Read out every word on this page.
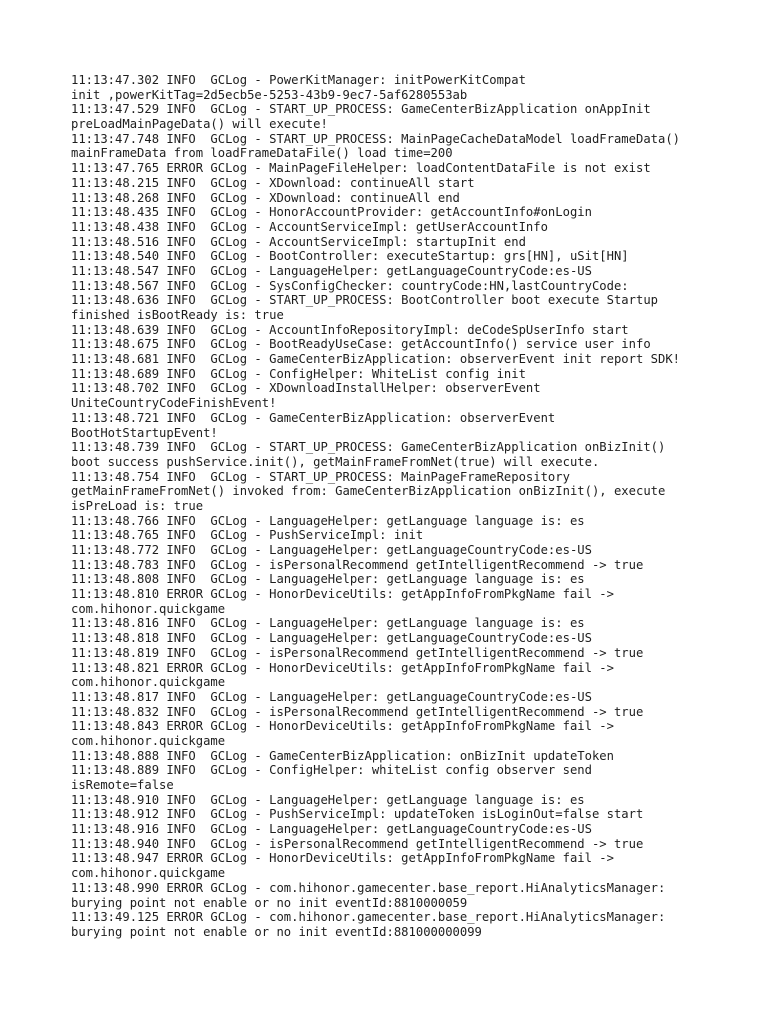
11:13:47.302 INFO  GCLog - PowerKitManager: initPowerKitCompat
init ,powerKitTag=2d5ecb5e-5253-43b9-9ec7-5af6280553ab
11:13:47.529 INFO  GCLog - START_UP_PROCESS: GameCenterBizApplication onAppInit
preLoadMainPageData() will execute!
11:13:47.748 INFO  GCLog - START_UP_PROCESS: MainPageCacheDataModel loadFrameData()
mainFrameData from loadFrameDataFile() load time=200
11:13:47.765 ERROR GCLog - MainPageFileHelper: loadContentDataFile is not exist
11:13:48.215 INFO  GCLog - XDownload: continueAll start
11:13:48.268 INFO  GCLog - XDownload: continueAll end
11:13:48.435 INFO  GCLog - HonorAccountProvider: getAccountInfo#onLogin
11:13:48.438 INFO  GCLog - AccountServiceImpl: getUserAccountInfo
11:13:48.516 INFO  GCLog - AccountServiceImpl: startupInit end
11:13:48.540 INFO  GCLog - BootController: executeStartup: grs[HN], uSit[HN]
11:13:48.547 INFO  GCLog - LanguageHelper: getLanguageCountryCode:es-US
11:13:48.567 INFO  GCLog - SysConfigChecker: countryCode:HN,lastCountryCode:
11:13:48.636 INFO  GCLog - START_UP_PROCESS: BootController boot execute Startup
finished isBootReady is: true
11:13:48.639 INFO  GCLog - AccountInfoRepositoryImpl: deCodeSpUserInfo start
11:13:48.675 INFO  GCLog - BootReadyUseCase: getAccountInfo() service user info
11:13:48.681 INFO  GCLog - GameCenterBizApplication: observerEvent init report SDK!
11:13:48.689 INFO  GCLog - ConfigHelper: WhiteList config init
11:13:48.702 INFO  GCLog - XDownloadInstallHelper: observerEvent
UniteCountryCodeFinishEvent!
11:13:48.721 INFO  GCLog - GameCenterBizApplication: observerEvent
BootHotStartupEvent!
11:13:48.739 INFO  GCLog - START_UP_PROCESS: GameCenterBizApplication onBizInit()
boot success pushService.init(), getMainFrameFromNet(true) will execute.
11:13:48.754 INFO  GCLog - START_UP_PROCESS: MainPageFrameRepository
getMainFrameFromNet() invoked from: GameCenterBizApplication onBizInit(), execute
isPreLoad is: true
11:13:48.766 INFO  GCLog - LanguageHelper: getLanguage language is: es
11:13:48.765 INFO  GCLog - PushServiceImpl: init
11:13:48.772 INFO  GCLog - LanguageHelper: getLanguageCountryCode:es-US
11:13:48.783 INFO  GCLog - isPersonalRecommend getIntelligentRecommend -> true
11:13:48.808 INFO  GCLog - LanguageHelper: getLanguage language is: es
11:13:48.810 ERROR GCLog - HonorDeviceUtils: getAppInfoFromPkgName fail ->
com.hihonor.quickgame
11:13:48.816 INFO  GCLog - LanguageHelper: getLanguage language is: es
11:13:48.818 INFO  GCLog - LanguageHelper: getLanguageCountryCode:es-US
11:13:48.819 INFO  GCLog - isPersonalRecommend getIntelligentRecommend -> true
11:13:48.821 ERROR GCLog - HonorDeviceUtils: getAppInfoFromPkgName fail ->
com.hihonor.quickgame
11:13:48.817 INFO  GCLog - LanguageHelper: getLanguageCountryCode:es-US
11:13:48.832 INFO  GCLog - isPersonalRecommend getIntelligentRecommend -> true
11:13:48.843 ERROR GCLog - HonorDeviceUtils: getAppInfoFromPkgName fail ->
com.hihonor.quickgame
11:13:48.888 INFO  GCLog - GameCenterBizApplication: onBizInit updateToken
11:13:48.889 INFO  GCLog - ConfigHelper: whiteList config observer send
isRemote=false
11:13:48.910 INFO  GCLog - LanguageHelper: getLanguage language is: es
11:13:48.912 INFO  GCLog - PushServiceImpl: updateToken isLoginOut=false start
11:13:48.916 INFO  GCLog - LanguageHelper: getLanguageCountryCode:es-US
11:13:48.940 INFO  GCLog - isPersonalRecommend getIntelligentRecommend -> true
11:13:48.947 ERROR GCLog - HonorDeviceUtils: getAppInfoFromPkgName fail ->
com.hihonor.quickgame
11:13:48.990 ERROR GCLog - com.hihonor.gamecenter.base_report.HiAnalyticsManager:
burying point not enable or no init eventId:8810000059
11:13:49.125 ERROR GCLog - com.hihonor.gamecenter.base_report.HiAnalyticsManager:
burying point not enable or no init eventId:881000000099
